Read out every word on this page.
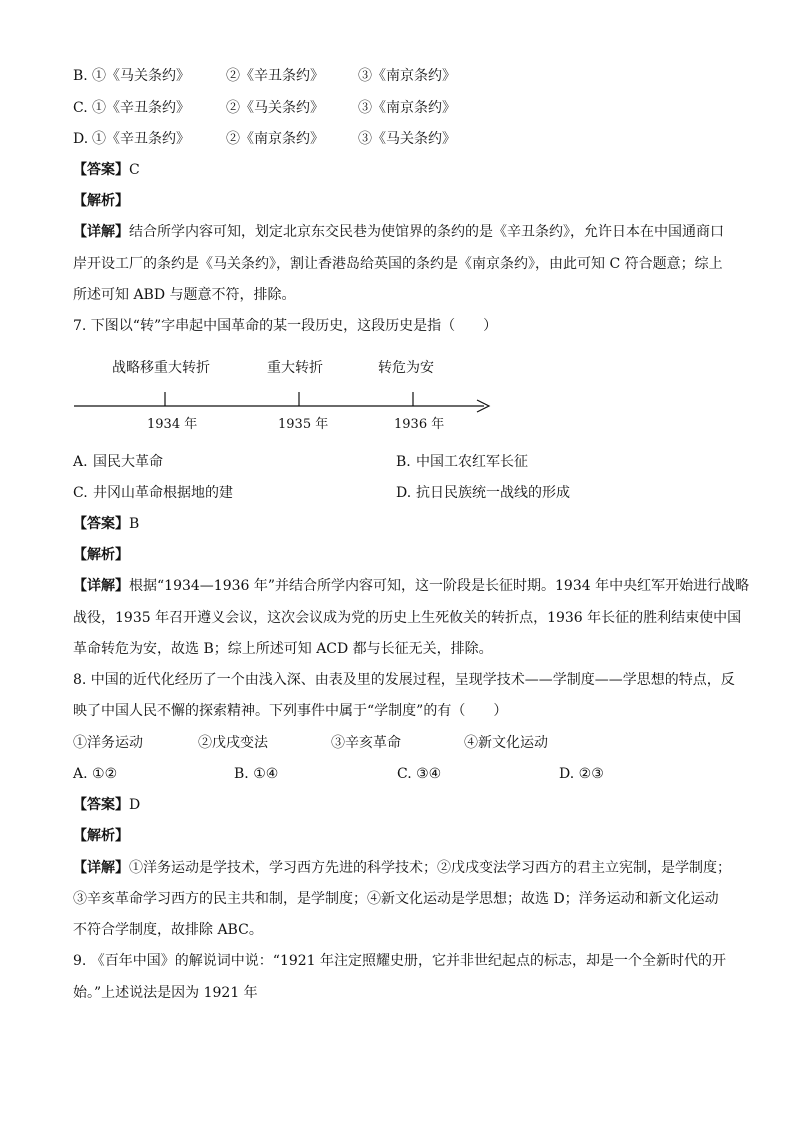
B. ①《马关条约》	②《辛丑条约》 ③《南京条约》
C. ①《辛丑条约》	②《马关条约》 ③《南京条约》
D. ①《辛丑条约》	②《南京条约》 ③《马关条约》
【答案】C
【解析】
【详解】结合所学内容可知，划定北京东交民巷为使馆界的条约的是《辛丑条约》，允许日本在中国通商口
岸开设工厂的条约是《马关条约》，割让香港岛给英国的条约是《南京条约》，由此可知 C 符合题意；综上
所述可知 ABD 与题意不符，排除。
7. 下图以“转”字串起中国革命的某一段历史，这段历史是指（　　）
战略移重大转折	重大转折	转危为安
1934 年	1935 年	1936 年
A. 国民大革命	B. 中国工农红军长征
C. 井冈山革命根据地的建	D. 抗日民族统一战线的形成
【答案】B
【解析】
【详解】根据“1934—1936 年”并结合所学内容可知，这一阶段是长征时期。1934 年中央红军开始进行战略
战役，1935 年召开遵义会议，这次会议成为党的历史上生死攸关的转折点，1936 年长征的胜利结束使中国
革命转危为安，故选 B；综上所述可知 ACD 都与长征无关，排除。
8. 中国的近代化经历了一个由浅入深、由表及里的发展过程，呈现学技术——学制度——学思想的特点，反
映了中国人民不懈的探索精神。下列事件中属于“学制度”的有（　　）
①洋务运动	②戊戌变法	③辛亥革命	④新文化运动
A. ①②	B. ①④	C. ③④	D. ②③
【答案】D
【解析】
【详解】①洋务运动是学技术，学习西方先进的科学技术；②戊戌变法学习西方的君主立宪制，是学制度；
③辛亥革命学习西方的民主共和制，是学制度；④新文化运动是学思想；故选 D；洋务运动和新文化运动
不符合学制度，故排除 ABC。
9. 《百年中国》的解说词中说：“1921 年注定照耀史册，它并非世纪起点的标志，却是一个全新时代的开
始。”上述说法是因为 1921 年
